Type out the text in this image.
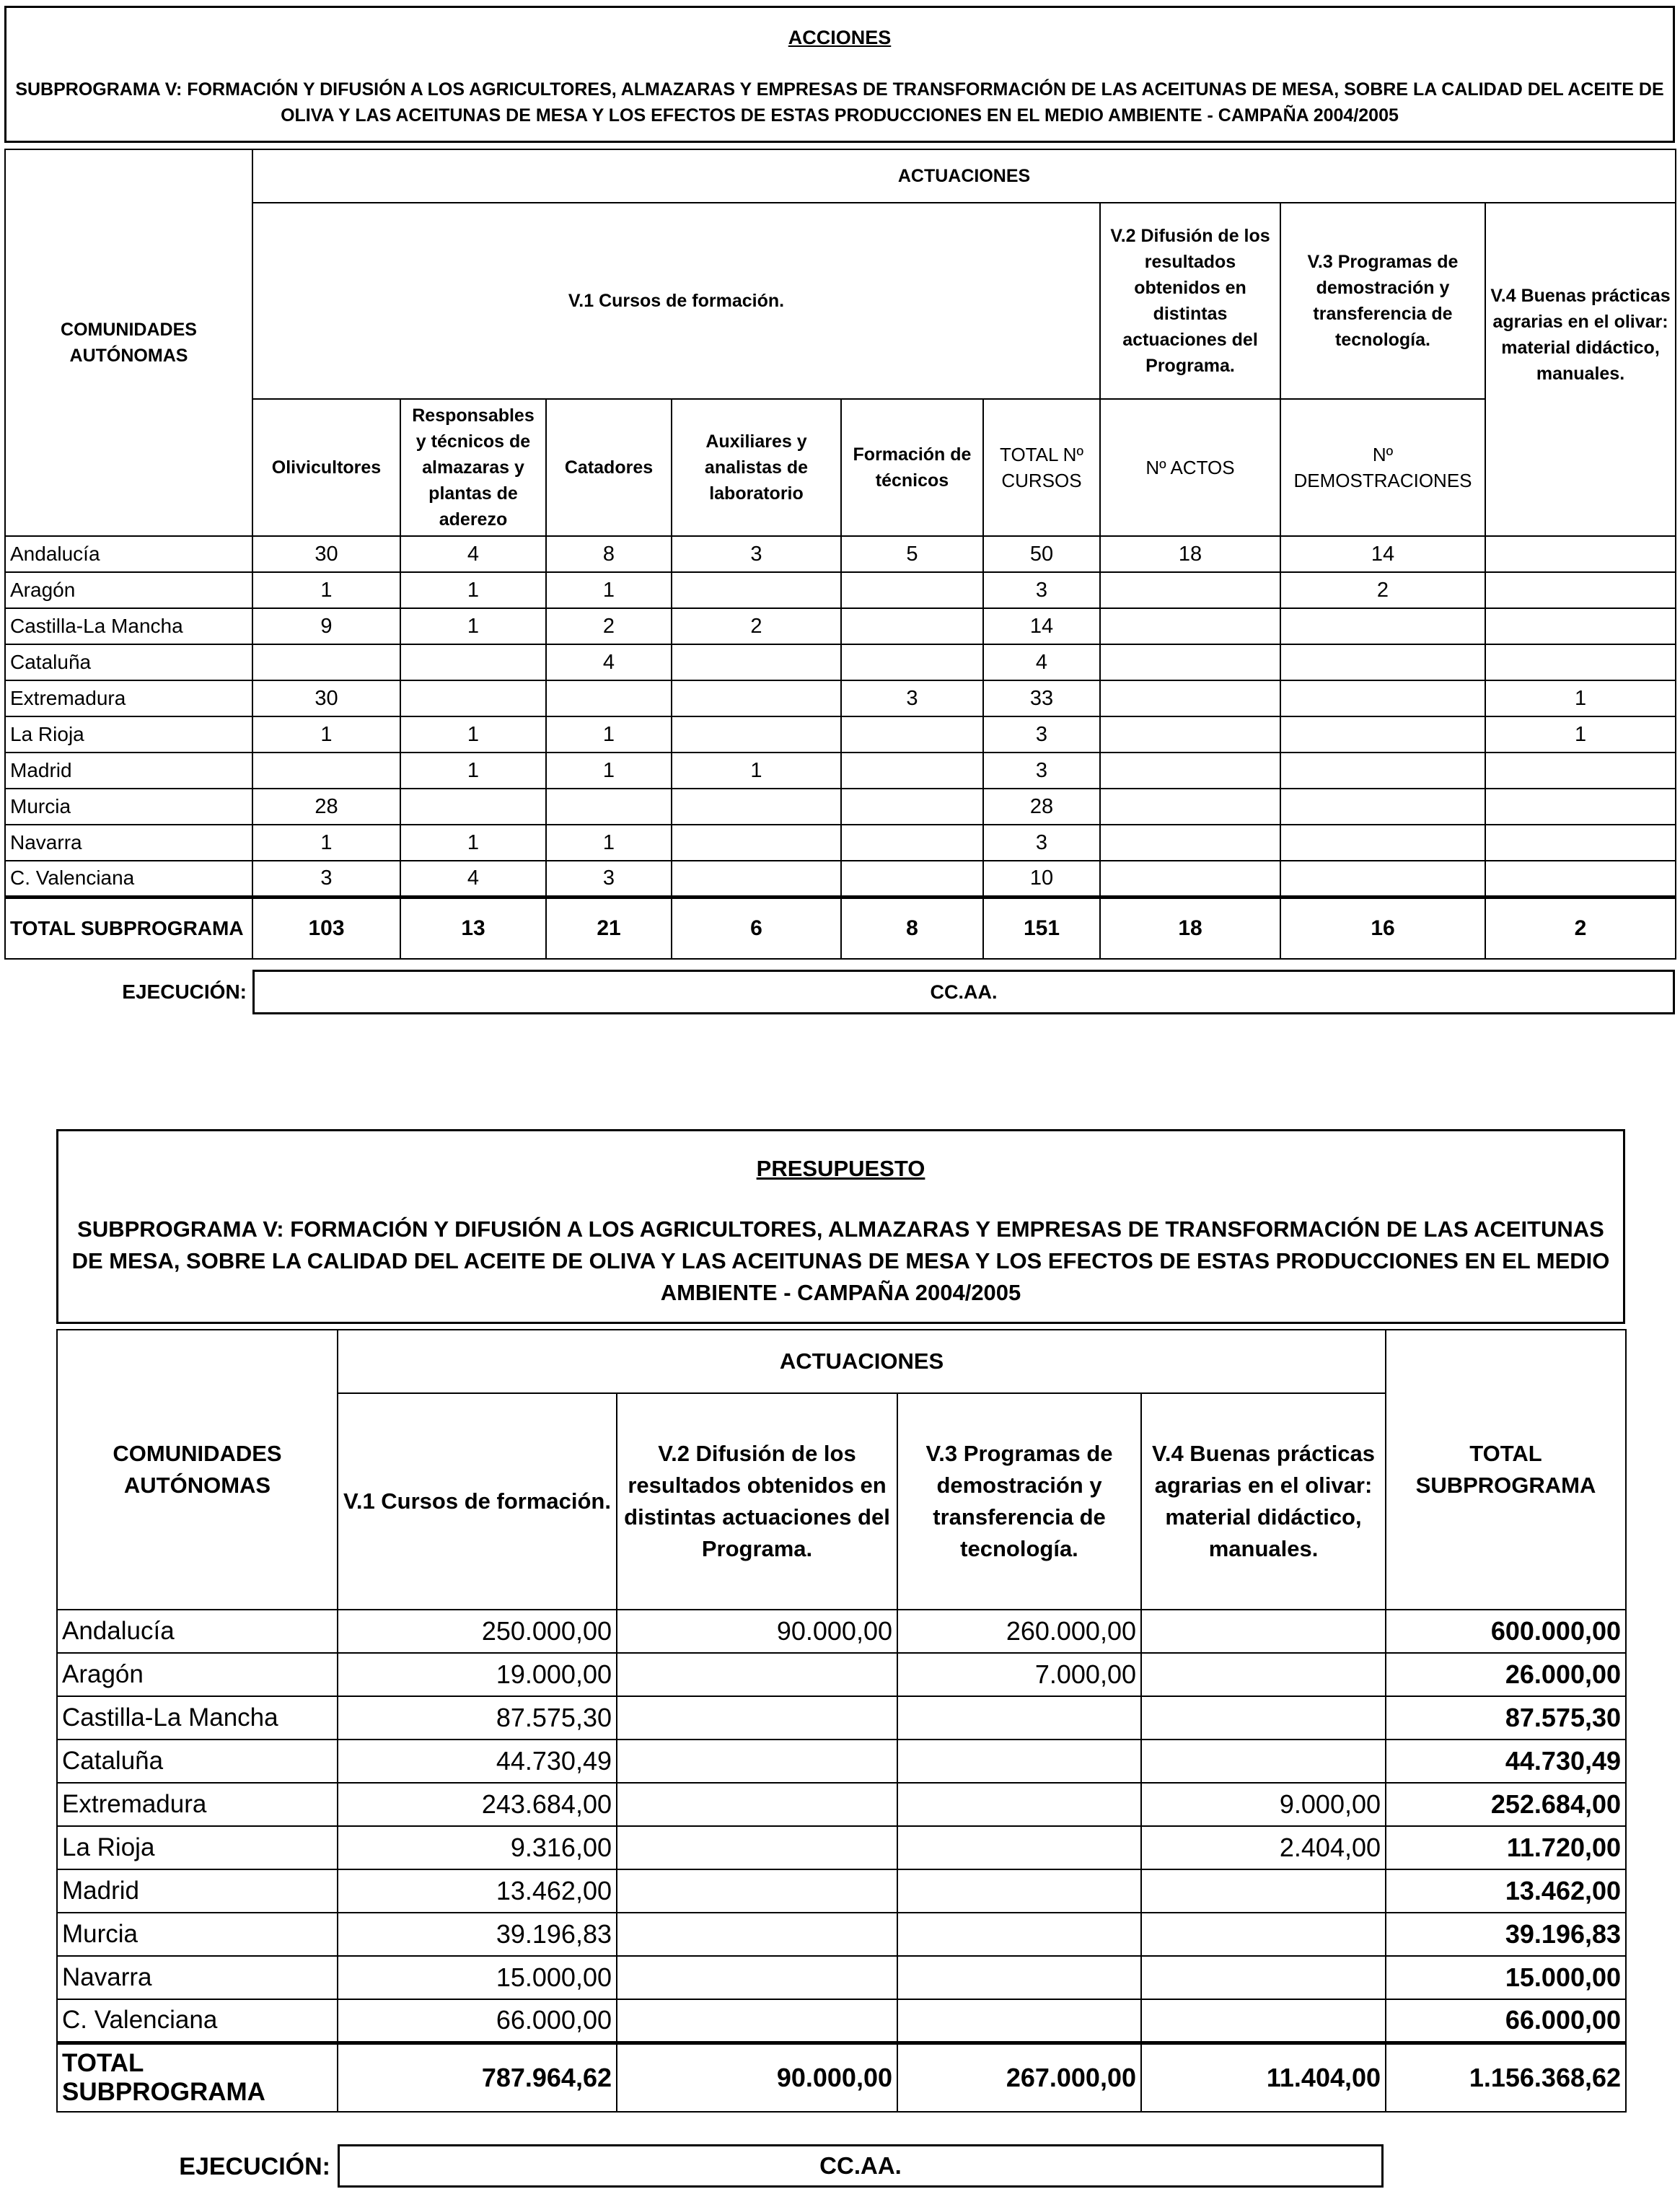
ACCIONES
SUBPROGRAMA V: FORMACIÓN Y DIFUSIÓN A LOS AGRICULTORES, ALMAZARAS Y EMPRESAS DE TRANSFORMACIÓN DE LAS ACEITUNAS DE MESA, SOBRE LA CALIDAD DEL ACEITE DE OLIVA Y LAS ACEITUNAS DE MESA Y LOS EFECTOS DE ESTAS PRODUCCIONES EN EL MEDIO AMBIENTE - CAMPAÑA 2004/2005
COMUNIDADES AUTÓNOMAS	ACTUACIONES								
	V.1 Cursos de formación.						V.2 Difusión de los resultados obtenidos en distintas actuaciones del Programa.	V.3 Programas de demostración y transferencia de tecnología.	V.4 Buenas prácticas agrarias en el olivar: material didáctico, manuales.
	Olivicultores	Responsables y técnicos de almazaras y plantas de aderezo	Catadores	Auxiliares y analistas de laboratorio	Formación de técnicos	TOTAL Nº CURSOS	Nº ACTOS	Nº DEMOSTRACIONES	
Andalucía	30	4	8	3	5	50	18	14	
Aragón	1	1	1			3		2	
Castilla-La Mancha	9	1	2	2		14			
Cataluña			4			4			
Extremadura	30				3	33			1
La Rioja	1	1	1			3			1
Madrid		1	1	1		3			
Murcia	28					28			
Navarra	1	1	1			3			
C. Valenciana	3	4	3			10			
TOTAL SUBPROGRAMA	103	13	21	6	8	151	18	16	2
EJECUCIÓN:	CC.AA.
PRESUPUESTO
SUBPROGRAMA V: FORMACIÓN Y DIFUSIÓN A LOS AGRICULTORES, ALMAZARAS Y EMPRESAS DE TRANSFORMACIÓN DE LAS ACEITUNAS DE MESA, SOBRE LA CALIDAD DEL ACEITE DE OLIVA Y LAS ACEITUNAS DE MESA Y LOS EFECTOS DE ESTAS PRODUCCIONES EN EL MEDIO AMBIENTE - CAMPAÑA 2004/2005
COMUNIDADES AUTÓNOMAS	ACTUACIONES				TOTAL SUBPROGRAMA
	V.1 Cursos de formación.	V.2 Difusión de los resultados obtenidos en distintas actuaciones del Programa.	V.3 Programas de demostración y transferencia de tecnología.	V.4 Buenas prácticas agrarias en el olivar: material didáctico, manuales.	
Andalucía	250.000,00	90.000,00	260.000,00		600.000,00
Aragón	19.000,00		7.000,00		26.000,00
Castilla-La Mancha	87.575,30				87.575,30
Cataluña	44.730,49				44.730,49
Extremadura	243.684,00			9.000,00	252.684,00
La Rioja	9.316,00			2.404,00	11.720,00
Madrid	13.462,00				13.462,00
Murcia	39.196,83				39.196,83
Navarra	15.000,00				15.000,00
C. Valenciana	66.000,00				66.000,00
TOTAL SUBPROGRAMA	787.964,62	90.000,00	267.000,00	11.404,00	1.156.368,62
EJECUCIÓN:	CC.AA.
